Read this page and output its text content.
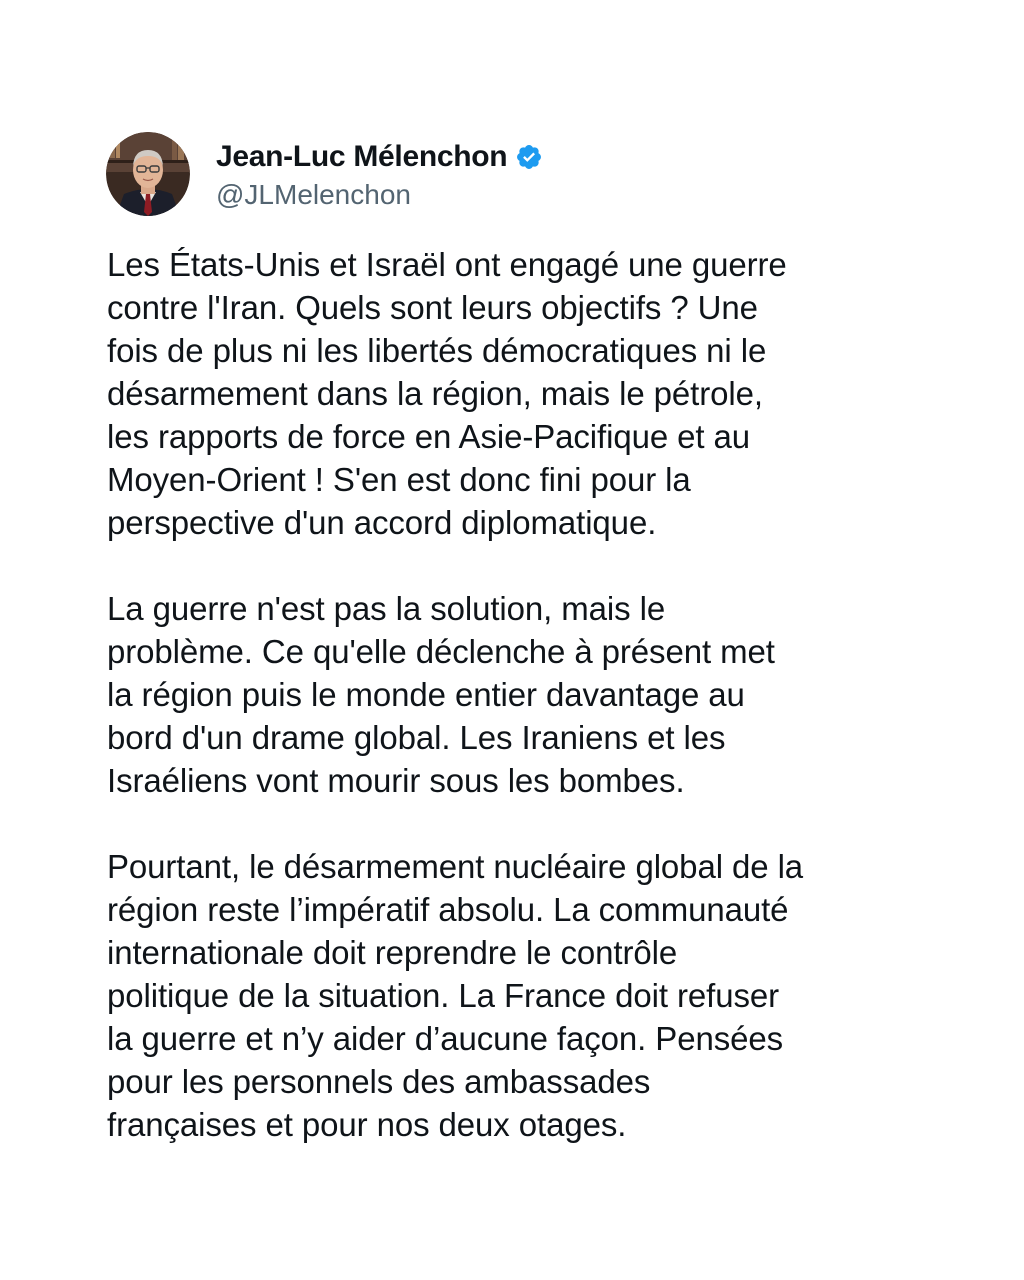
Jean-Luc Mélenchon
@JLMelenchon

Les États-Unis et Israël ont engagé une guerre
contre l'Iran. Quels sont leurs objectifs ? Une
fois de plus ni les libertés démocratiques ni le
désarmement dans la région, mais le pétrole,
les rapports de force en Asie-Pacifique et au
Moyen-Orient ! S'en est donc fini pour la
perspective d'un accord diplomatique.

La guerre n'est pas la solution, mais le
problème. Ce qu'elle déclenche à présent met
la région puis le monde entier davantage au
bord d'un drame global. Les Iraniens et les
Israéliens vont mourir sous les bombes.

Pourtant, le désarmement nucléaire global de la
région reste l’impératif absolu. La communauté
internationale doit reprendre le contrôle
politique de la situation. La France doit refuser
la guerre et n’y aider d’aucune façon. Pensées
pour les personnels des ambassades
françaises et pour nos deux otages.
